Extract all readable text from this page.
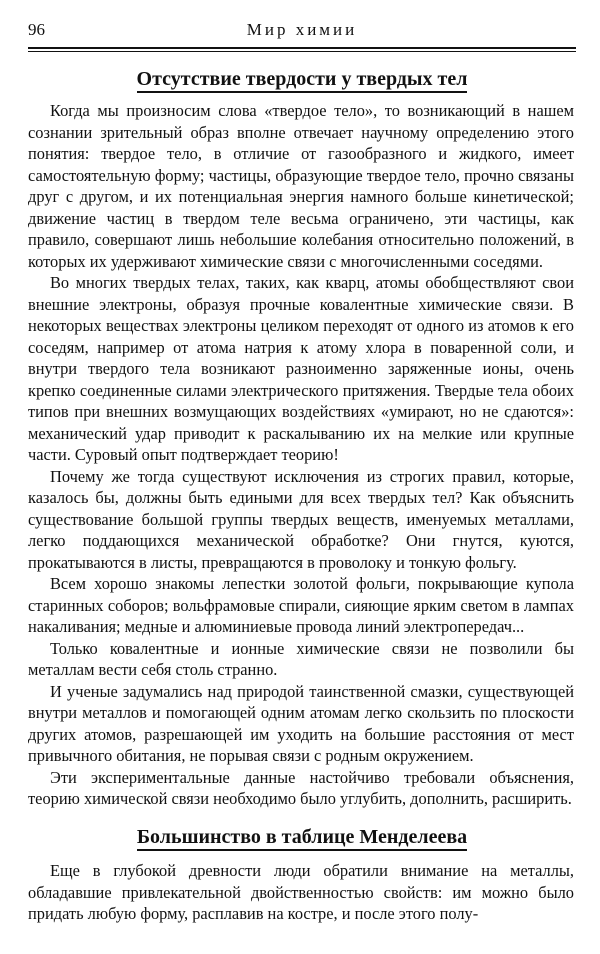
96	Мир химии
Отсутствие твердости у твердых тел

Когда мы произносим слова «твердое тело», то возникающий в нашем сознании зрительный образ вполне отвечает научному определению этого понятия: твердое тело, в отличие от газообразного и жидкого, имеет самостоятельную форму; частицы, образующие твердое тело, прочно связаны друг с другом, и их потенциальная энергия намного больше кинетической; движение частиц в твердом теле весьма ограничено, эти частицы, как правило, совершают лишь небольшие колебания относительно положений, в которых их удерживают химические связи с многочисленными соседями.

Во многих твердых телах, таких, как кварц, атомы обобществляют свои внешние электроны, образуя прочные ковалентные химические связи. В некоторых веществах электроны целиком переходят от одного из атомов к его соседям, например от атома натрия к атому хлора в поваренной соли, и внутри твердого тела возникают разноименно заряженные ионы, очень крепко соединенные силами электрического притяжения. Твердые тела обоих типов при внешних возмущающих воздействиях «умирают, но не сдаются»: механический удар приводит к раскалыванию их на мелкие или крупные части. Суровый опыт подтверждает теорию!

Почему же тогда существуют исключения из строгих правил, которые, казалось бы, должны быть едиными для всех твердых тел? Как объяснить существование большой группы твердых веществ, именуемых металлами, легко поддающихся механической обработке? Они гнутся, куются, прокатываются в листы, превращаются в проволоку и тонкую фольгу.

Всем хорошо знакомы лепестки золотой фольги, покрывающие купола старинных соборов; вольфрамовые спирали, сияющие ярким светом в лампах накаливания; медные и алюминиевые провода линий электропередач...

Только ковалентные и ионные химические связи не позволили бы металлам вести себя столь странно.

И ученые задумались над природой таинственной смазки, существующей внутри металлов и помогающей одним атомам легко скользить по плоскости других атомов, разрешающей им уходить на большие расстояния от мест привычного обитания, не порывая связи с родным окружением.

Эти экспериментальные данные настойчиво требовали объяснения, теорию химической связи необходимо было углубить, дополнить, расширить.

Большинство в таблице Менделеева

Еще в глубокой древности люди обратили внимание на металлы, обладавшие привлекательной двойственностью свойств: им можно было придать любую форму, расплавив на костре, и после этого полу-
